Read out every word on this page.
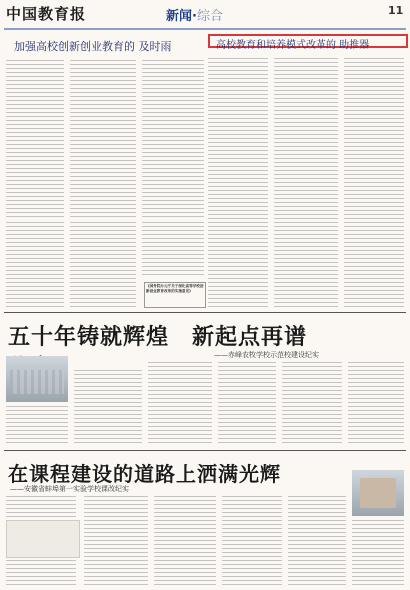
中国教育报	新闻·综合	11
加强高校创新创业教育的 及时雨	高校教育和培养模式改革的 助推器
《国务院办公厅关于深化高等学校创新创业教育改革的实施意见》
五十年铸就辉煌　新起点再谱
——赤峰农牧学校示范校建设纪实
在课程建设的道路上洒满光辉
——安徽省蚌埠第一实验学校课改纪实
